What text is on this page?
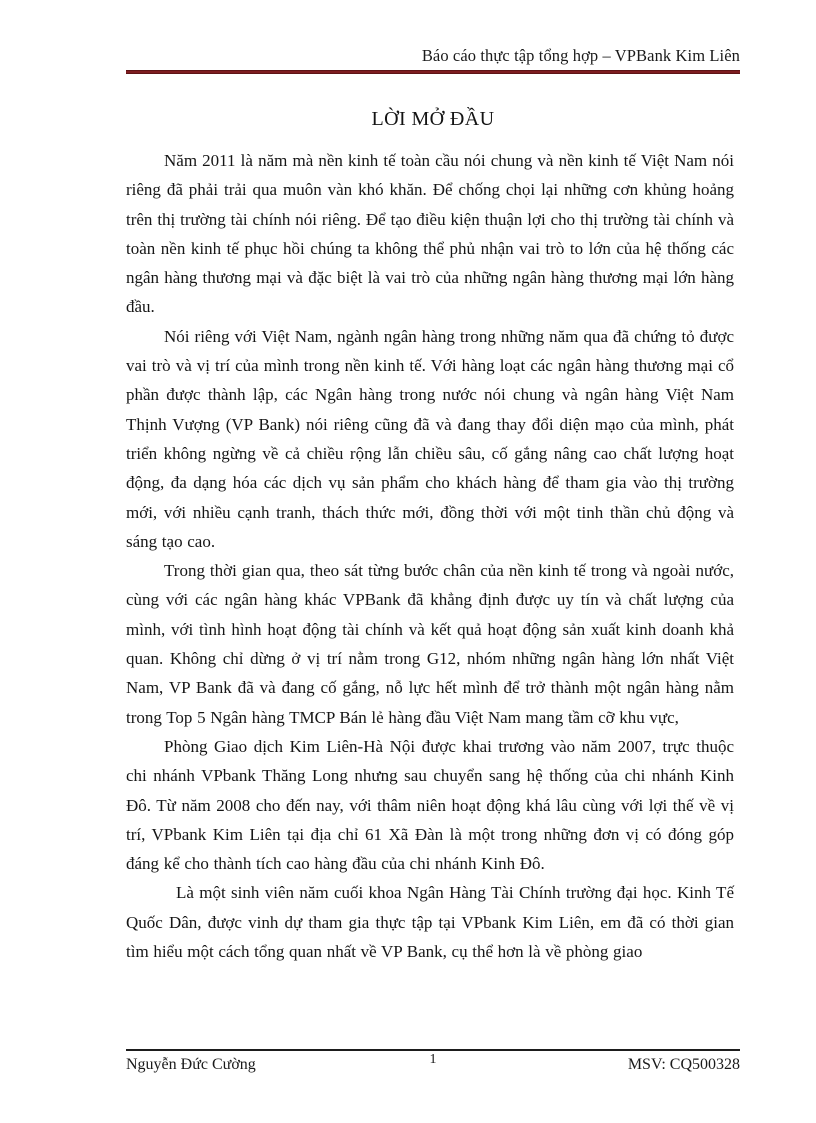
Báo cáo thực tập tổng hợp – VPBank Kim Liên
LỜI MỞ ĐẦU

Năm 2011 là năm mà nền kinh tế toàn cầu nói chung và nền kinh tế Việt Nam nói riêng đã phải trải qua muôn vàn khó khăn. Để chống chọi lại những cơn khủng hoảng trên thị trường tài chính nói riêng. Để tạo điều kiện thuận lợi cho thị trường tài chính và toàn nền kinh tế phục hồi chúng ta không thể phủ nhận vai trò to lớn của hệ thống các ngân hàng thương mại và đặc biệt là vai trò của những ngân hàng thương mại lớn hàng đầu.

Nói riêng với Việt Nam, ngành ngân hàng trong những năm qua đã chứng tỏ được vai trò và vị trí của mình trong nền kinh tế. Với hàng loạt các ngân hàng thương mại cổ phần được thành lập, các Ngân hàng trong nước nói chung và ngân hàng Việt Nam Thịnh Vượng (VP Bank) nói riêng cũng đã và đang thay đổi diện mạo của mình, phát triển không ngừng về cả chiều rộng lẫn chiều sâu, cố gắng nâng cao chất lượng hoạt động, đa dạng hóa các dịch vụ sản phẩm cho khách hàng để tham gia vào thị trường mới, với nhiều cạnh tranh, thách thức mới, đồng thời với một tinh thần chủ động và sáng tạo cao.

Trong thời gian qua, theo sát từng bước chân của nền kinh tế trong và ngoài nước, cùng với các ngân hàng khác VPBank đã khẳng định được uy tín và chất lượng của mình, với tình hình hoạt động tài chính và kết quả hoạt động sản xuất kinh doanh khả quan. Không chỉ dừng ở vị trí nằm trong G12, nhóm những ngân hàng lớn nhất Việt Nam, VP Bank đã và đang cố gắng, nỗ lực hết mình để trở thành một ngân hàng nằm trong Top 5 Ngân hàng TMCP Bán lẻ hàng đầu Việt Nam mang tầm cỡ khu vực,

Phòng Giao dịch Kim Liên-Hà Nội được khai trương vào năm 2007, trực thuộc chi nhánh VPbank Thăng Long nhưng sau chuyển sang hệ thống của chi nhánh Kinh Đô. Từ năm 2008 cho đến nay, với thâm niên hoạt động khá lâu cùng với lợi thế về vị trí, VPbank Kim Liên tại địa chỉ 61 Xã Đàn là một trong những đơn vị có đóng góp đáng kể cho thành tích cao hàng đầu của chi nhánh Kinh Đô.

Là một sinh viên năm cuối khoa Ngân Hàng Tài Chính trường đại học. Kinh Tế Quốc Dân, được vinh dự tham gia thực tập tại VPbank Kim Liên, em đã có thời gian tìm hiểu một cách tổng quan nhất về VP Bank, cụ thể hơn là về phòng giao

Nguyễn Đức Cường	1	MSV: CQ500328
